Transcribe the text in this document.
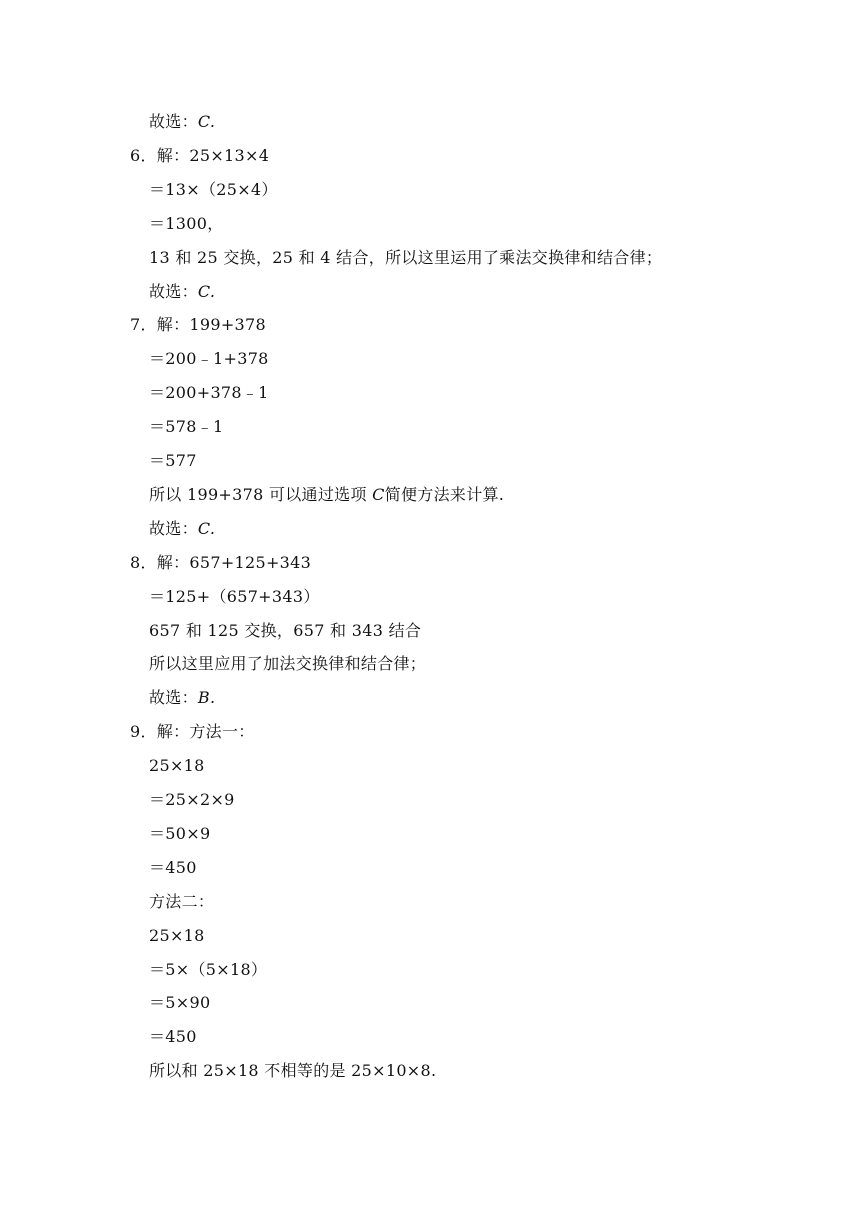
故选：C.
6．解：25×13×4
＝13×（25×4）
＝1300，
13 和 25 交换，25 和 4 结合，所以这里运用了乘法交换律和结合律；
故选：C.
7．解：199+378
＝200﹣1+378
＝200+378﹣1
＝578﹣1
＝577
所以 199+378 可以通过选项 C简便方法来计算.
故选：C.
8．解：657+125+343
＝125+（657+343）
657 和 125 交换，657 和 343 结合
所以这里应用了加法交换律和结合律；
故选：B.
9．解：方法一：
25×18
＝25×2×9
＝50×9
＝450
方法二：
25×18
＝5×（5×18）
＝5×90
＝450
所以和 25×18 不相等的是 25×10×8.
